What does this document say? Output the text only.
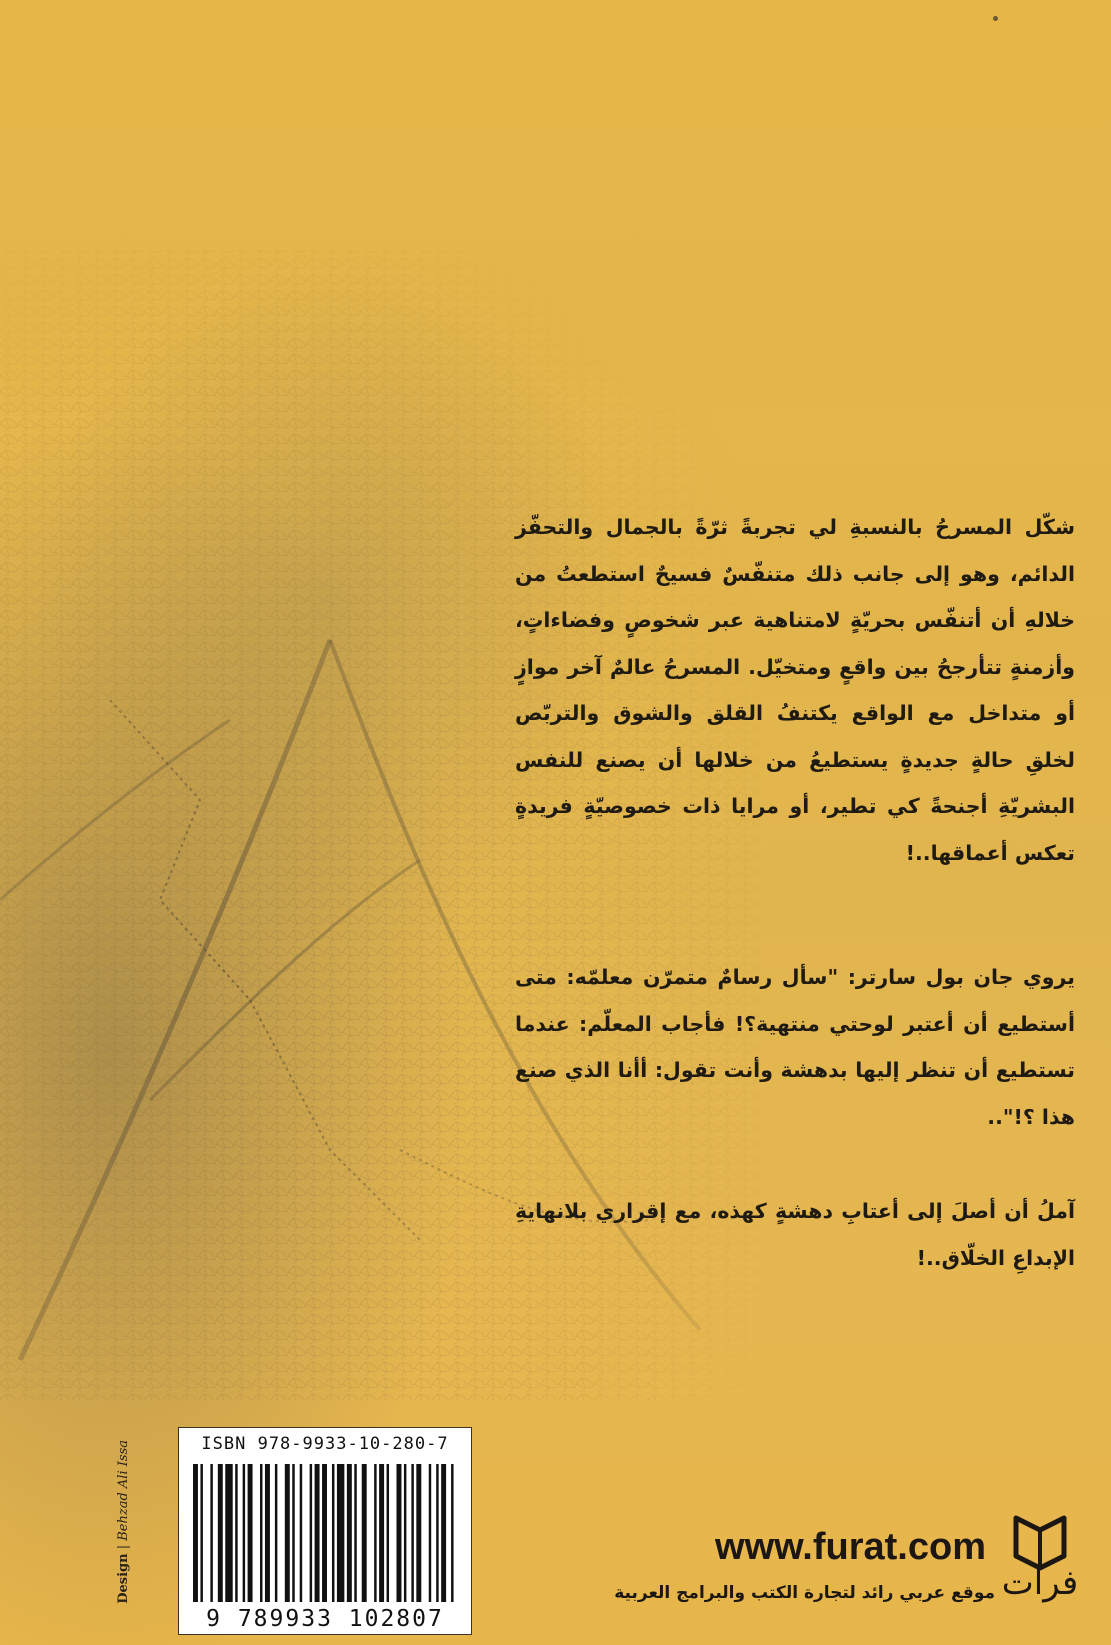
شكّل المسرحُ بالنسبةِ لي تجربةً ثرّةً بالجمال والتحفّز الدائم، وهو إلى جانب ذلك متنفّسٌ فسيحٌ استطعتُ من خلالهِ أن أتنفّس بحريّةٍ لامتناهية عبر شخوصٍ وفضاءاتٍ، وأزمنةٍ تتأرجحُ بين واقعٍ ومتخيّل. المسرحُ عالمٌ آخر موازٍ أو متداخل مع الواقع يكتنفُ القلق والشوق والتربّص لخلقِ حالةٍ جديدةٍ يستطيعُ من خلالها أن يصنع للنفس البشريّةِ أجنحةً كي تطير، أو مرايا ذات خصوصيّةٍ فريدةٍ تعكس أعماقها..!

يروي جان بول سارتر: "سأل رسامٌ متمرّن معلمّه: متى أستطيع أن أعتبر لوحتي منتهية؟! فأجاب المعلّم: عندما تستطيع أن تنظر إليها بدهشة وأنت تقول: أأنا الذي صنع هذا ؟!"..

آملُ أن أصلَ إلى أعتابِ دهشةٍ كهذه، مع إقراري بلانهايةِ الإبداعِ الخلّاق..!

Design | Behzad Ali Issa	ISBN 978-9933-10-280-7
9 789933 102807
www.furat.com
موقع عربي رائد لتجارة الكتب والبرامج العربية فرات
